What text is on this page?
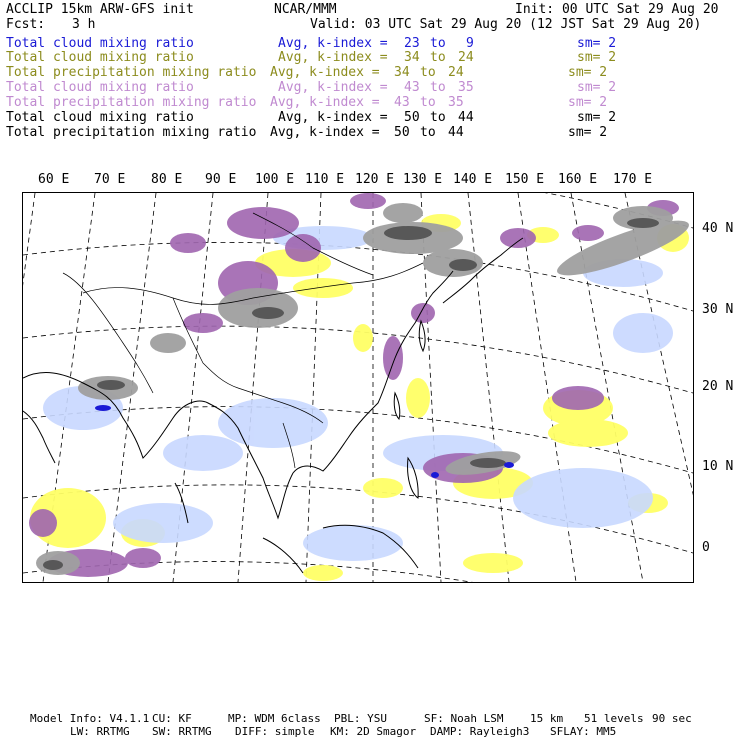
ACCLIP 15km ARW-GFS init	NCAR/MMM	Init: 00 UTC Sat 29 Aug 20
Fcst: 3 h	Valid: 03 UTC Sat 29 Aug 20 (12 JST Sat 29 Aug 20)
Total cloud mixing ratio	Avg, k-index = 23 to 9	sm= 2
Total cloud mixing ratio	Avg, k-index = 34 to 24	sm= 2
Total precipitation mixing ratio Avg, k-index = 34 to 24	sm= 2
Total cloud mixing ratio	Avg, k-index = 43 to 35	sm= 2
Total precipitation mixing ratio Avg, k-index = 43 to 35	sm= 2
Total cloud mixing ratio	Avg, k-index = 50 to 44	sm= 2
Total precipitation mixing ratio Avg, k-index = 50 to 44	sm= 2
60 E 70 E 80 E 90 E 100 E 110 E 120 E 130 E 140 E 150 E 160 E 170 E
40 N
30 N
20 N
10 N
0
Model Info: V4.1.1 CU: KF	MP: WDM 6class PBL: YSU	SF: Noah LSM 15 km 51 levels 90 sec
LW: RRTMG SW: RRTMG DIFF: simple KM: 2D Smagor DAMP: Rayleigh3 SFLAY: MM5
